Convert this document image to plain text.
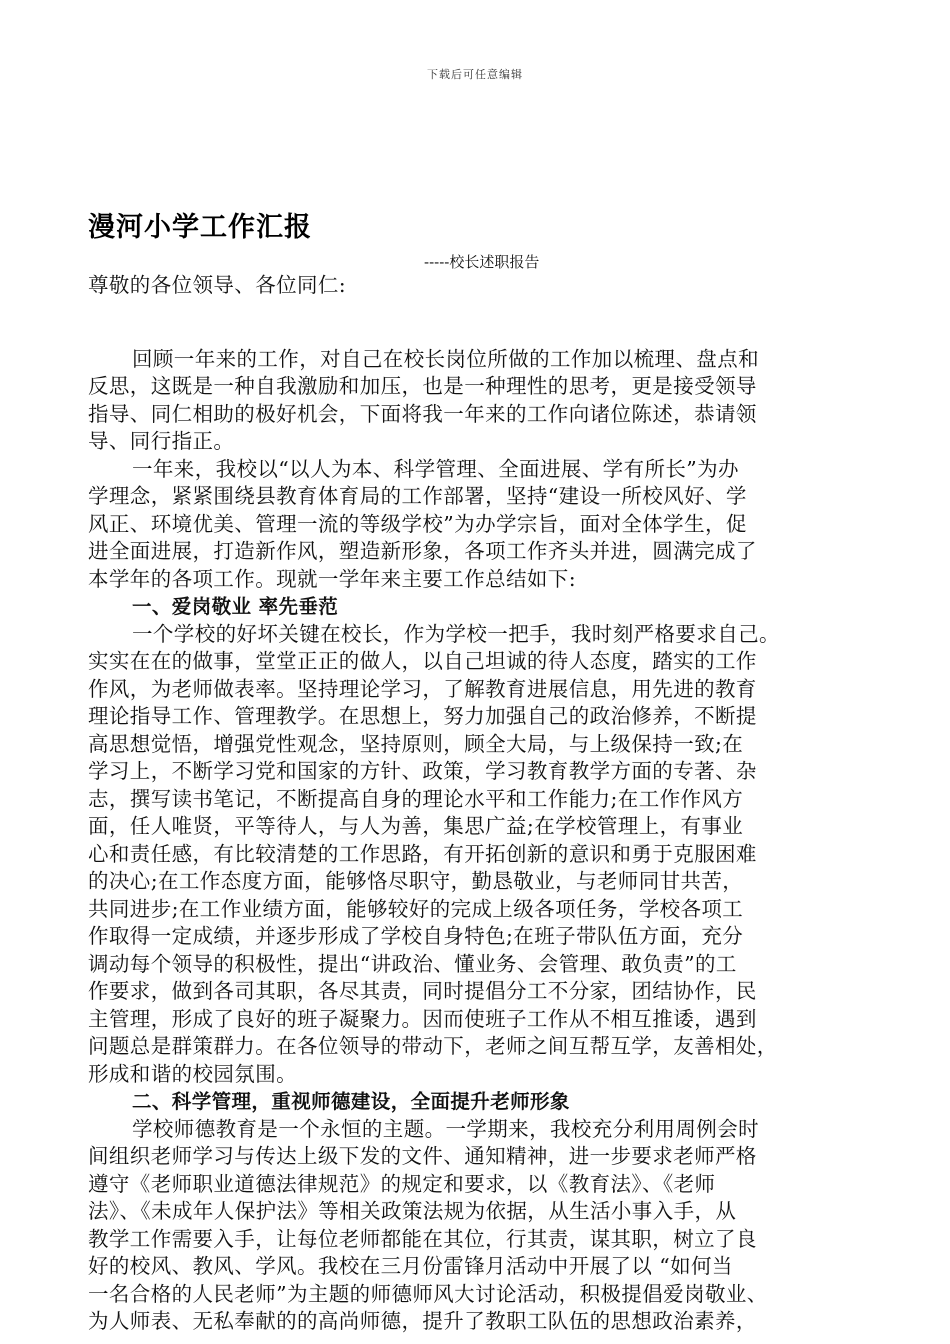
下载后可任意编辑
漫河小学工作汇报
-----校长述职报告
尊敬的各位领导、各位同仁:
回顾一年来的工作，对自己在校长岗位所做的工作加以梳理、盘点和
反思，这既是一种自我激励和加压，也是一种理性的思考，更是接受领导
指导、同仁相助的极好机会，下面将我一年来的工作向诸位陈述，恭请领
导、同行指正。
一年来，我校以“以人为本、科学管理、全面进展、学有所长”为办
学理念，紧紧围绕县教育体育局的工作部署，坚持“建设一所校风好、学
风正、环境优美、管理一流的等级学校”为办学宗旨，面对全体学生，促
进全面进展，打造新作风，塑造新形象，各项工作齐头并进，圆满完成了
本学年的各项工作。现就一学年来主要工作总结如下:
一、爱岗敬业 率先垂范
一个学校的好坏关键在校长，作为学校一把手，我时刻严格要求自己。
实实在在的做事，堂堂正正的做人，以自己坦诚的待人态度，踏实的工作
作风，为老师做表率。坚持理论学习，了解教育进展信息，用先进的教育
理论指导工作、管理教学。在思想上，努力加强自己的政治修养，不断提
高思想觉悟，增强党性观念，坚持原则，顾全大局，与上级保持一致;在
学习上，不断学习党和国家的方针、政策，学习教育教学方面的专著、杂
志，撰写读书笔记，不断提高自身的理论水平和工作能力;在工作作风方
面，任人唯贤，平等待人，与人为善，集思广益;在学校管理上，有事业
心和责任感，有比较清楚的工作思路，有开拓创新的意识和勇于克服困难
的决心;在工作态度方面，能够恪尽职守，勤恳敬业，与老师同甘共苦，
共同进步;在工作业绩方面，能够较好的完成上级各项任务，学校各项工
作取得一定成绩，并逐步形成了学校自身特色;在班子带队伍方面，充分
调动每个领导的积极性，提出“讲政治、懂业务、会管理、敢负责”的工
作要求，做到各司其职，各尽其责，同时提倡分工不分家，团结协作，民
主管理，形成了良好的班子凝聚力。因而使班子工作从不相互推诿，遇到
问题总是群策群力。在各位领导的带动下，老师之间互帮互学，友善相处，
形成和谐的校园氛围。
二、科学管理，重视师德建设，全面提升老师形象
学校师德教育是一个永恒的主题。一学期来，我校充分利用周例会时
间组织老师学习与传达上级下发的文件、通知精神，进一步要求老师严格
遵守《老师职业道德法律规范》的规定和要求，以《教育法》、《老师
法》、《未成年人保护法》等相关政策法规为依据，从生活小事入手，从
教学工作需要入手，让每位老师都能在其位，行其责，谋其职，树立了良
好的校风、教风、学风。我校在三月份雷锋月活动中开展了以 “如何当
一名合格的人民老师”为主题的师德师风大讨论活动，积极提倡爱岗敬业、
为人师表、无私奉献的的高尚师德，提升了教职工队伍的思想政治素养，
